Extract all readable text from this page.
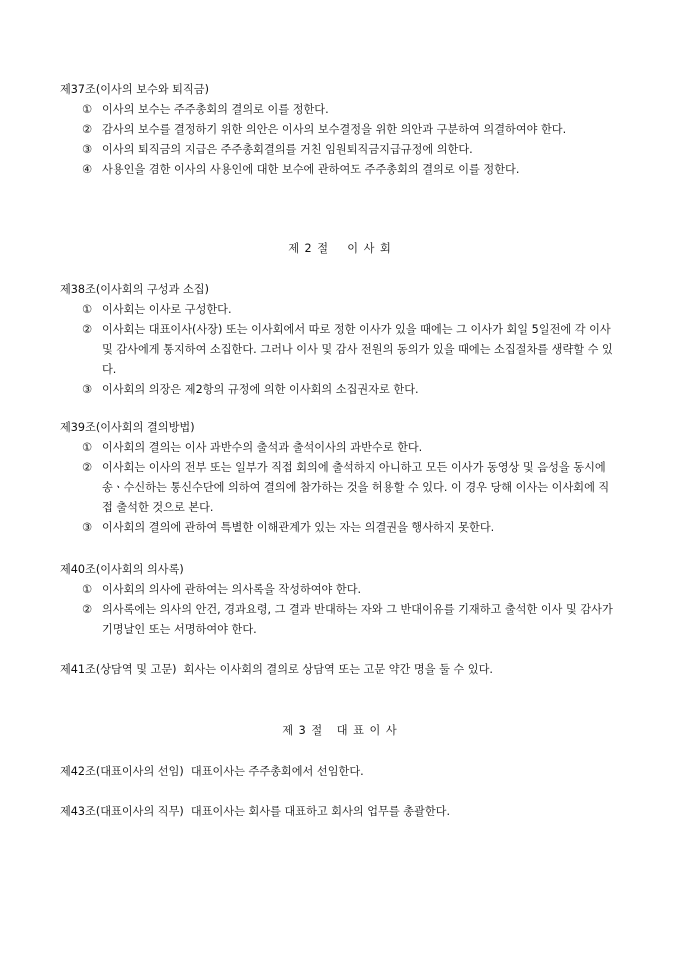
제37조(이사의 보수와 퇴직금)
① 이사의 보수는 주주총회의 결의로 이를 정한다.
② 감사의 보수를 결정하기 위한 의안은 이사의 보수결정을 위한 의안과 구분하여 의결하여야 한다.
③ 이사의 퇴직금의 지급은 주주총회결의를 거친 임원퇴직금지급규정에 의한다.
④ 사용인을 겸한 이사의 사용인에 대한 보수에 관하여도 주주총회의 결의로 이를 정한다.
제 2 절    이 사 회
제38조(이사회의 구성과 소집)
① 이사회는 이사로 구성한다.
② 이사회는 대표이사(사장) 또는 이사회에서 따로 정한 이사가 있을 때에는 그 이사가 회일 5일전에 각 이사 및 감사에게 통지하여 소집한다. 그러나 이사 및 감사 전원의 동의가 있을 때에는 소집절차를 생략할 수 있다.
③ 이사회의 의장은 제2항의 규정에 의한 이사회의 소집권자로 한다.
제39조(이사회의 결의방법)
① 이사회의 결의는 이사 과반수의 출석과 출석이사의 과반수로 한다.
② 이사회는 이사의 전부 또는 일부가 직접 회의에 출석하지 아니하고 모든 이사가 동영상 및 음성을 동시에 송ㆍ수신하는 통신수단에 의하여 결의에 참가하는 것을 허용할 수 있다. 이 경우 당해 이사는 이사회에 직접 출석한 것으로 본다.
③ 이사회의 결의에 관하여 특별한 이해관계가 있는 자는 의결권을 행사하지 못한다.
제40조(이사회의 의사록)
① 이사회의 의사에 관하여는 의사록을 작성하여야 한다.
② 의사록에는 의사의 안건, 경과요령, 그 결과 반대하는 자와 그 반대이유를 기재하고 출석한 이사 및 감사가 기명날인 또는 서명하여야 한다.
제41조(상담역 및 고문) 회사는 이사회의 결의로 상담역 또는 고문 약간 명을 둘 수 있다.
제 3 절   대 표 이 사
제42조(대표이사의 선임) 대표이사는 주주총회에서 선임한다.
제43조(대표이사의 직무) 대표이사는 회사를 대표하고 회사의 업무를 총괄한다.
